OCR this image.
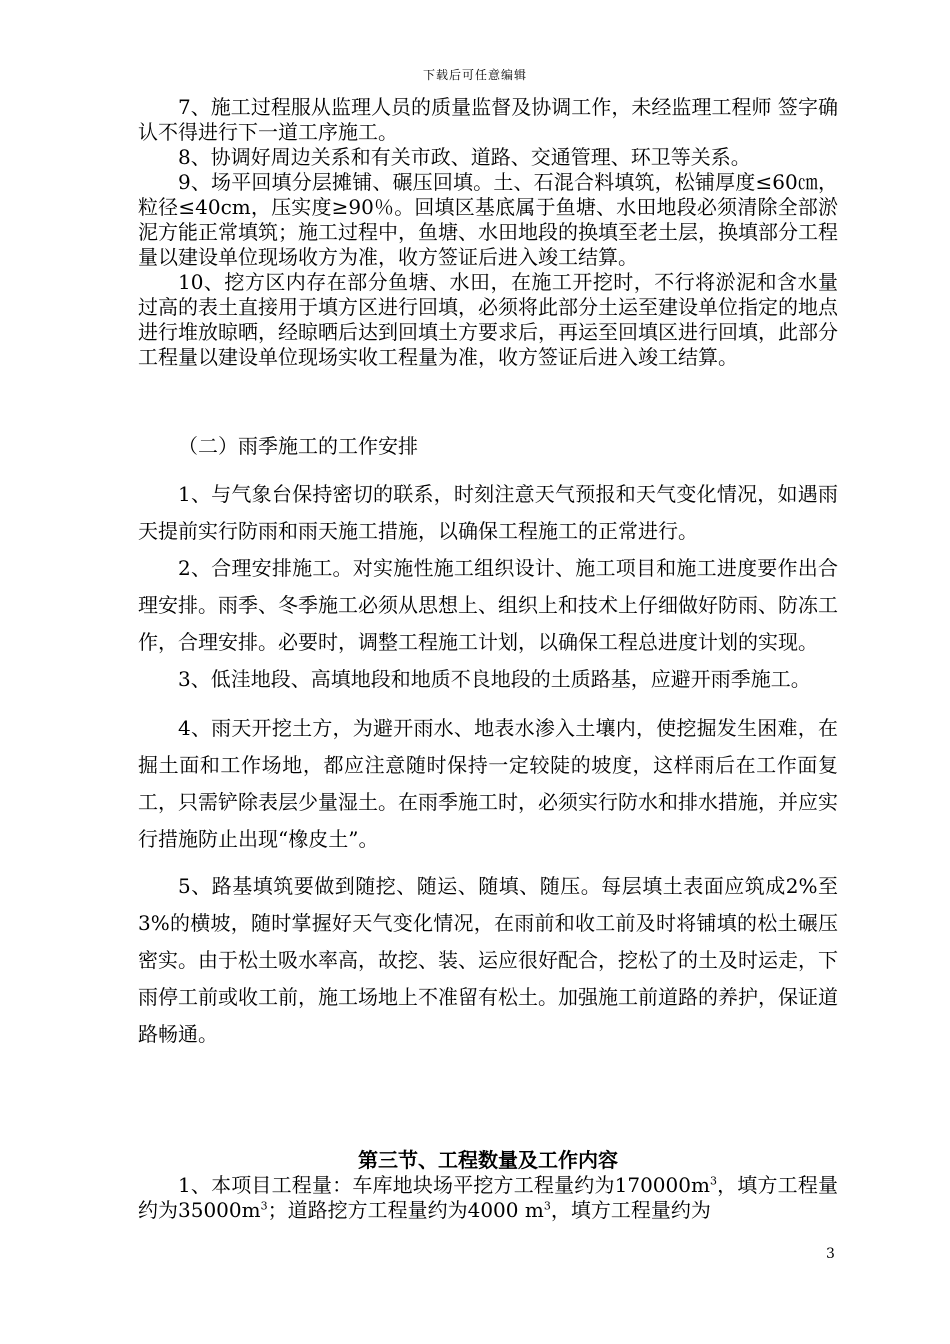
下载后可任意编辑

7、施工过程服从监理人员的质量监督及协调工作，未经监理工程师 签字确认不得进行下一道工序施工。

8、协调好周边关系和有关市政、道路、交通管理、环卫等关系。

9、场平回填分层摊铺、碾压回填。土、石混合料填筑，松铺厚度≤60㎝，粒径≤40cm，压实度≥90％。回填区基底属于鱼塘、水田地段必须清除全部淤泥方能正常填筑；施工过程中，鱼塘、水田地段的换填至老土层，换填部分工程量以建设单位现场收方为准，收方签证后进入竣工结算。

10、挖方区内存在部分鱼塘、水田，在施工开挖时，不行将淤泥和含水量过高的表土直接用于填方区进行回填，必须将此部分土运至建设单位指定的地点进行堆放晾晒，经晾晒后达到回填土方要求后，再运至回填区进行回填，此部分工程量以建设单位现场实收工程量为准，收方签证后进入竣工结算。

（二）雨季施工的工作安排

1、与气象台保持密切的联系，时刻注意天气预报和天气变化情况，如遇雨天提前实行防雨和雨天施工措施，以确保工程施工的正常进行。

2、合理安排施工。对实施性施工组织设计、施工项目和施工进度要作出合理安排。雨季、冬季施工必须从思想上、组织上和技术上仔细做好防雨、防冻工作，合理安排。必要时，调整工程施工计划，以确保工程总进度计划的实现。

3、低洼地段、高填地段和地质不良地段的土质路基，应避开雨季施工。

4、雨天开挖土方，为避开雨水、地表水渗入土壤内，使挖掘发生困难，在掘土面和工作场地，都应注意随时保持一定较陡的坡度，这样雨后在工作面复工，只需铲除表层少量湿土。在雨季施工时，必须实行防水和排水措施，并应实行措施防止出现“橡皮土”。

5、路基填筑要做到随挖、随运、随填、随压。每层填土表面应筑成2%至3%的横坡，随时掌握好天气变化情况，在雨前和收工前及时将铺填的松土碾压密实。由于松土吸水率高，故挖、装、运应很好配合，挖松了的土及时运走，下雨停工前或收工前，施工场地上不准留有松土。加强施工前道路的养护，保证道路畅通。

第三节、工程数量及工作内容

1、本项目工程量：车库地块场平挖方工程量约为$170000m^3$，填方工程量约为$35000m^3$；道路挖方工程量约为4000 $m^3$，填方工程量约为

3
